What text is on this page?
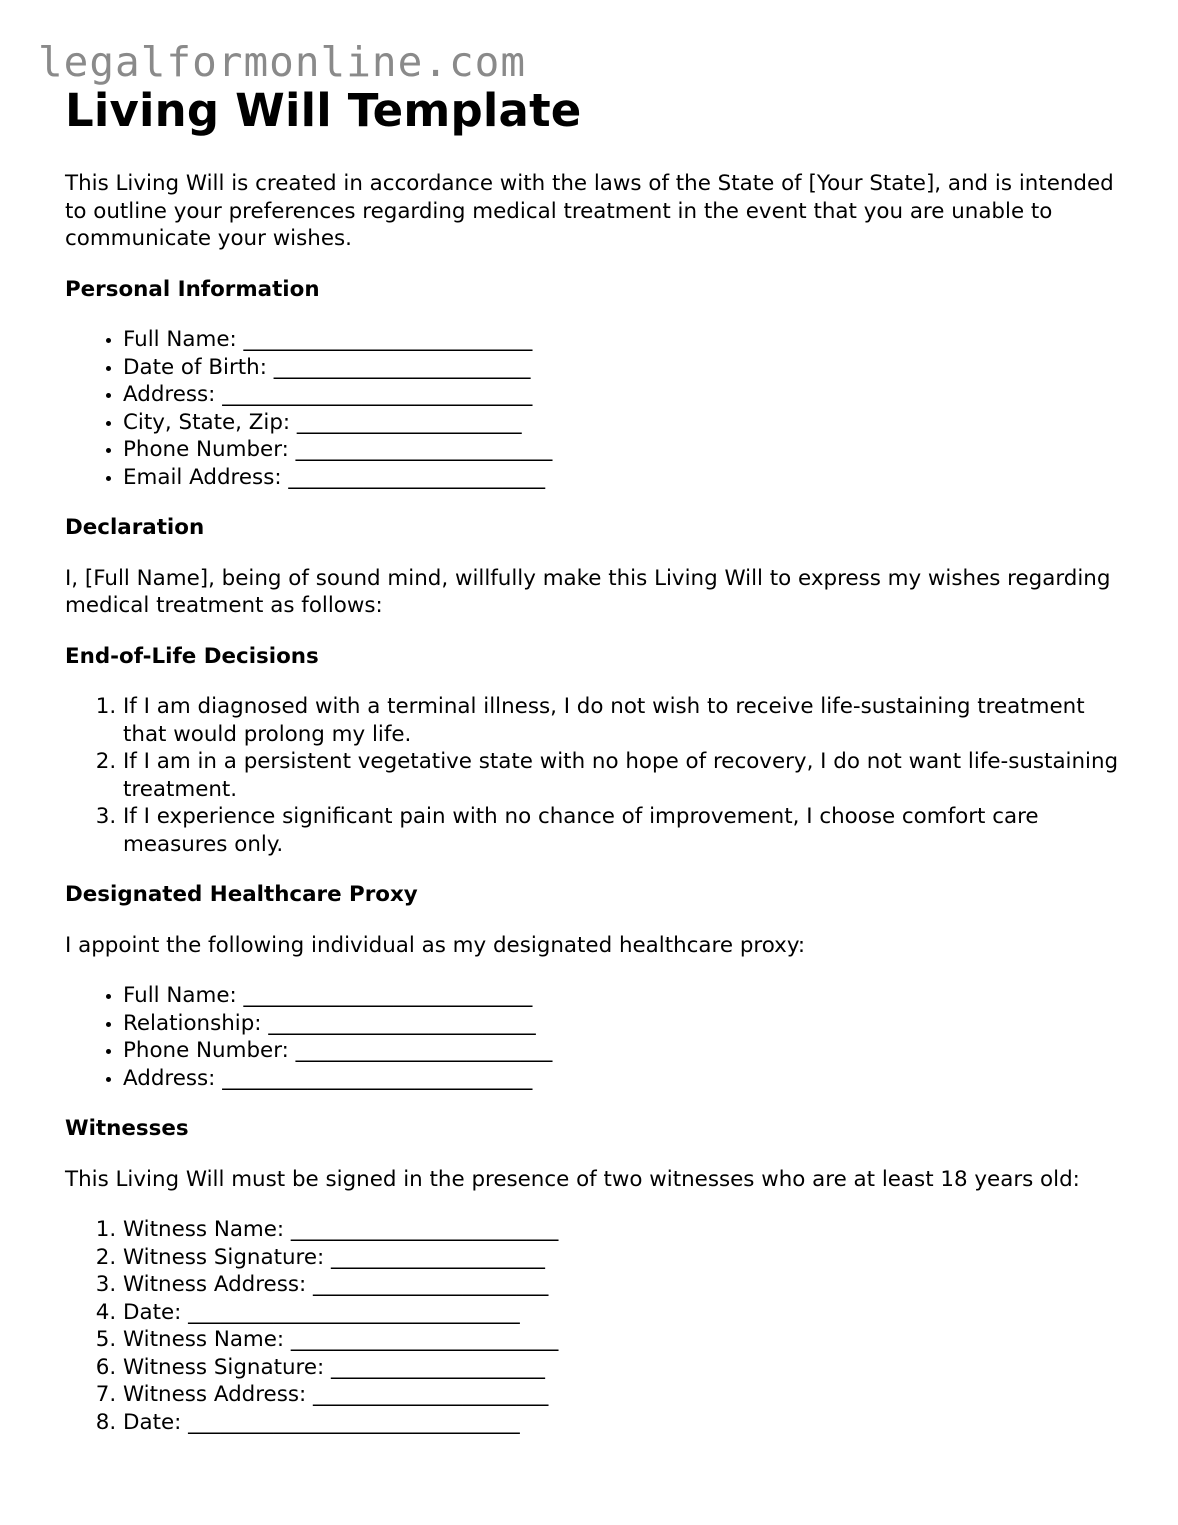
legalformonline.com
Living Will Template

This Living Will is created in accordance with the laws of the State of [Your State], and is intended to outline your preferences regarding medical treatment in the event that you are unable to communicate your wishes.

Personal Information
• Full Name: ___________________________
• Date of Birth: ________________________
• Address: _____________________________
• City, State, Zip: _____________________
• Phone Number: ________________________
• Email Address: ________________________
Declaration

I, [Full Name], being of sound mind, willfully make this Living Will to express my wishes regarding medical treatment as follows:

End-of-Life Decisions
1. If I am diagnosed with a terminal illness, I do not wish to receive life-sustaining treatment that would prolong my life.
2. If I am in a persistent vegetative state with no hope of recovery, I do not want life-sustaining treatment.
3. If I experience significant pain with no chance of improvement, I choose comfort care measures only.
Designated Healthcare Proxy

I appoint the following individual as my designated healthcare proxy:

• Full Name: ___________________________
• Relationship: _________________________
• Phone Number: ________________________
• Address: _____________________________
Witnesses

This Living Will must be signed in the presence of two witnesses who are at least 18 years old:

1. Witness Name: _________________________
2. Witness Signature: ____________________
3. Witness Address: ______________________
4. Date: _______________________________
5. Witness Name: _________________________
6. Witness Signature: ____________________
7. Witness Address: ______________________
8. Date: _______________________________
